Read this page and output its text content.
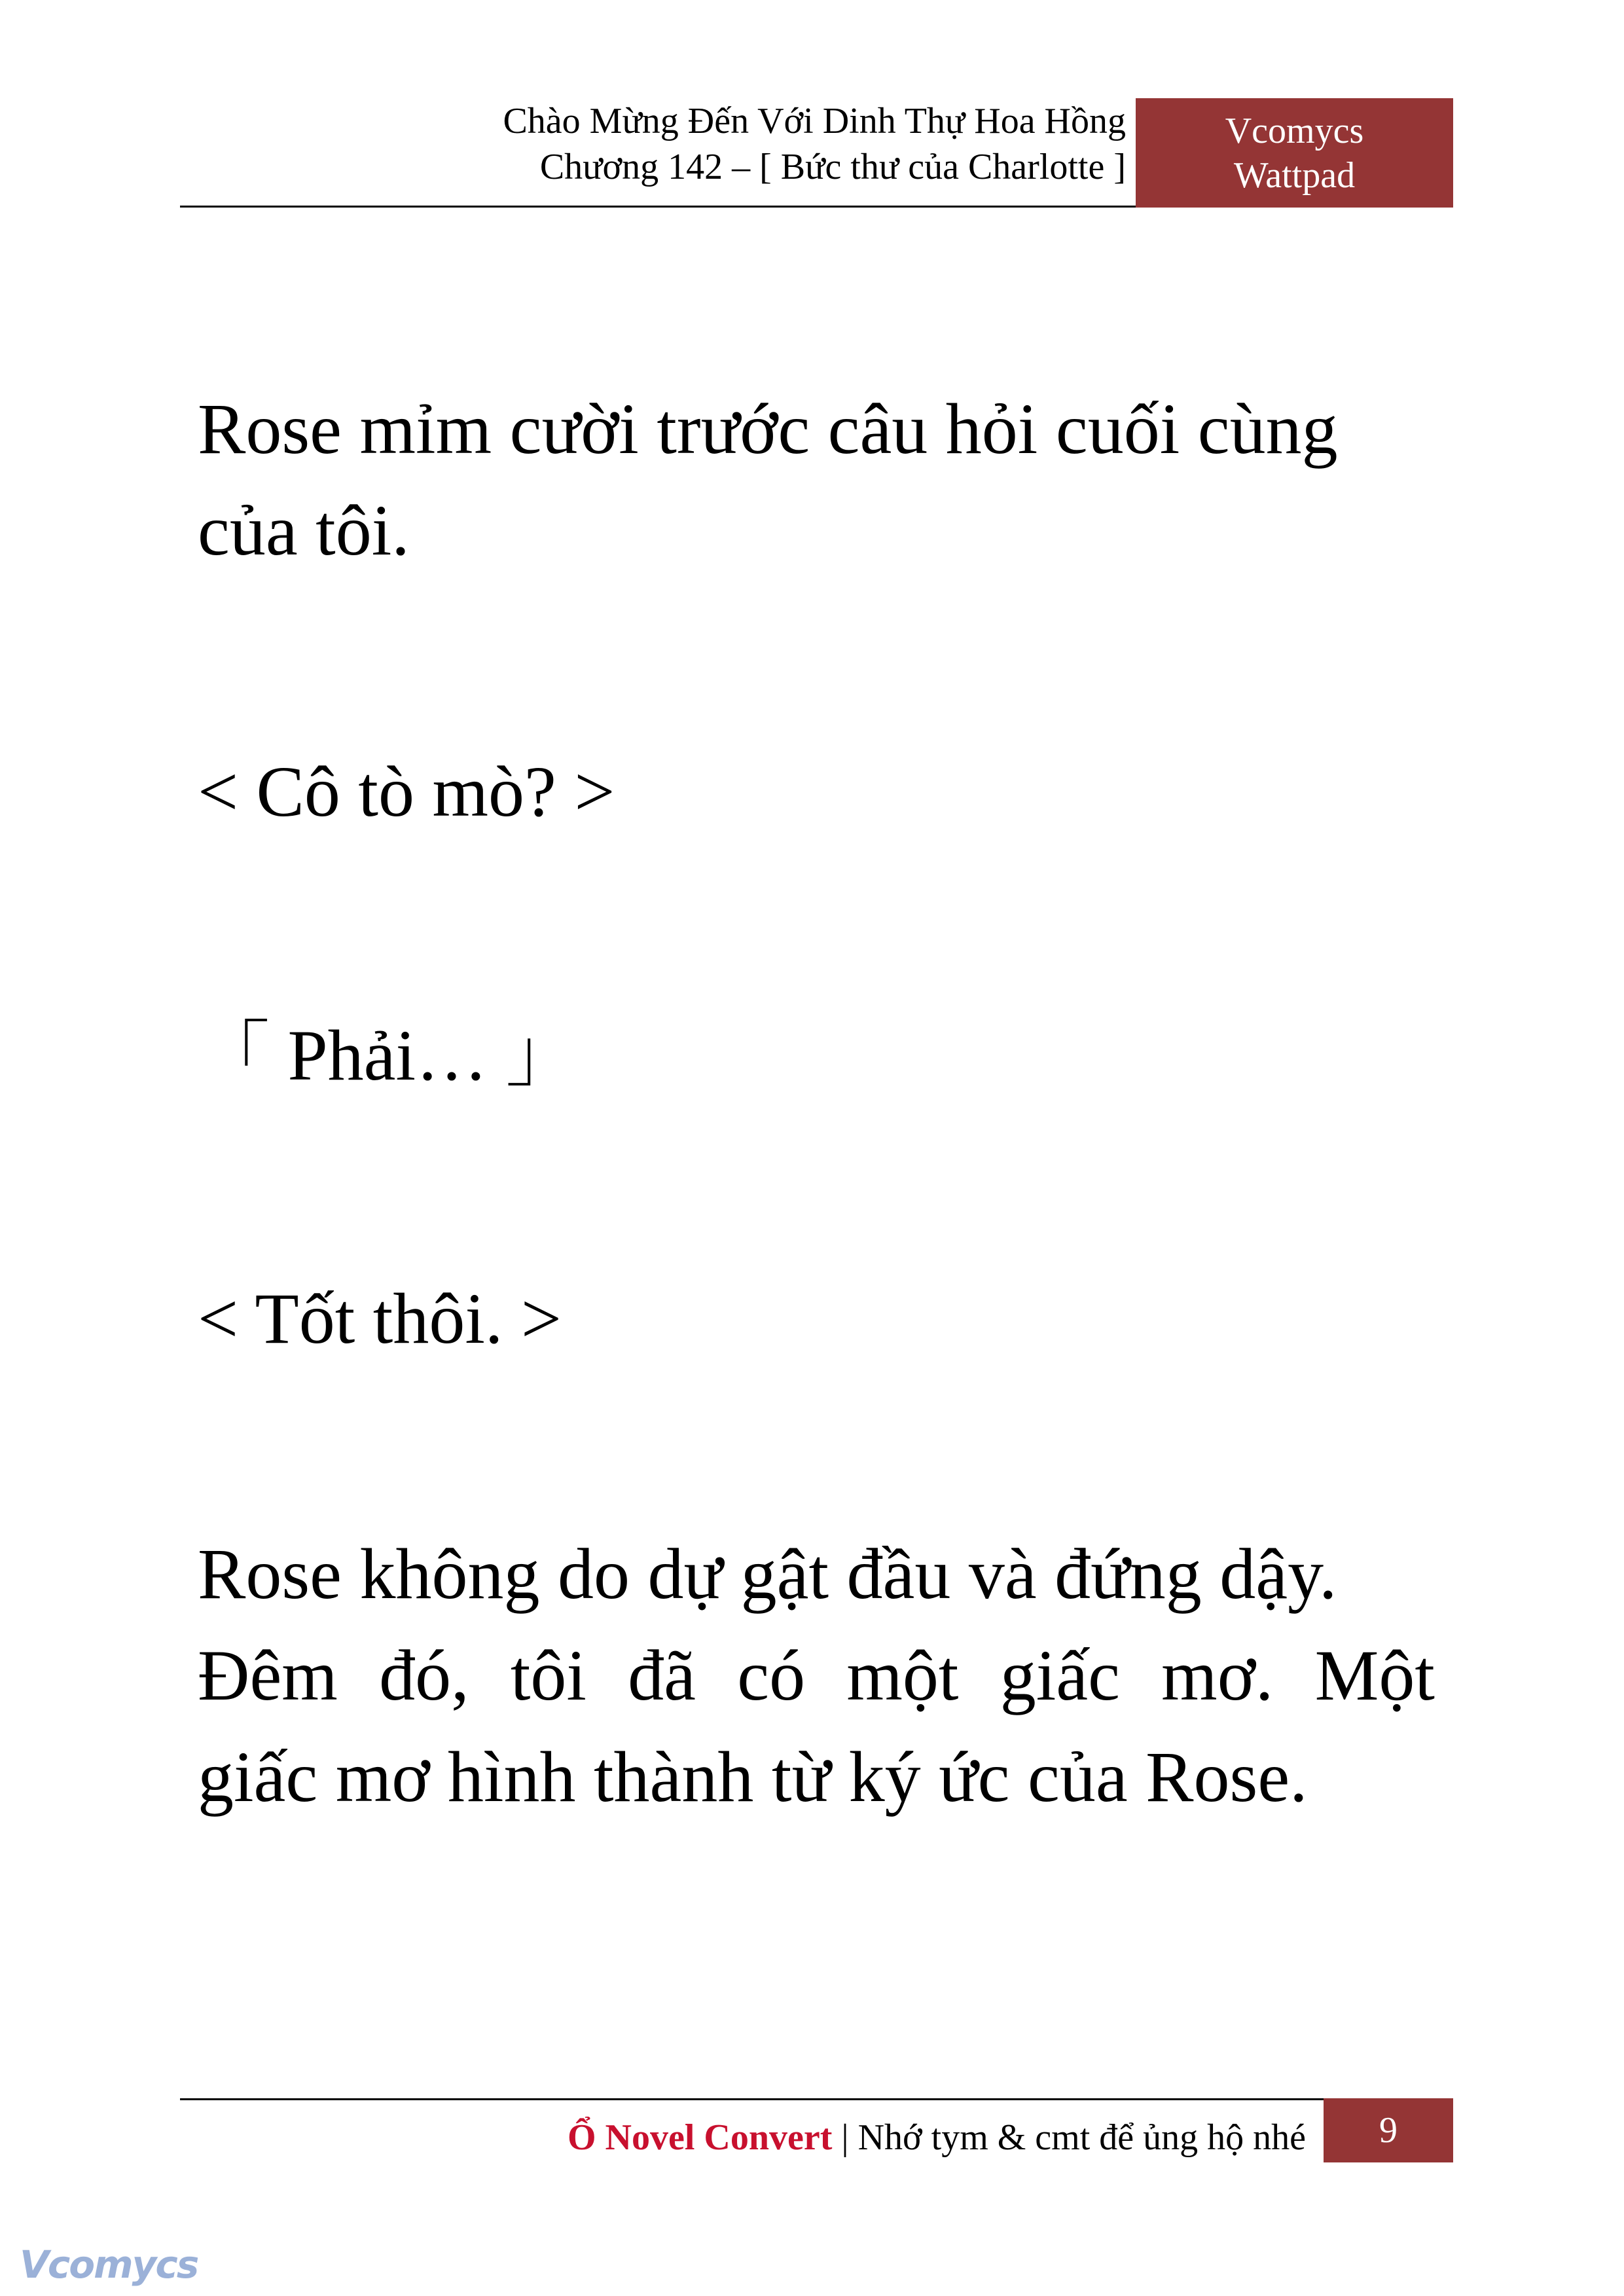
Chào Mừng Đến Với Dinh Thự Hoa Hồng
Chương 142 – [ Bức thư của Charlotte ]
Vcomycs
Wattpad
Rose mỉm cười trước câu hỏi cuối cùng
của tôi.
< Cô tò mò? >
「 Phải… 」
< Tốt thôi. >
Rose không do dự gật đầu và đứng dậy.
Đêm đó, tôi đã có một giấc mơ. Một
giấc mơ hình thành từ ký ức của Rose.
Ổ Novel Convert | Nhớ tym & cmt để ủng hộ nhé	9
Vcomycs
